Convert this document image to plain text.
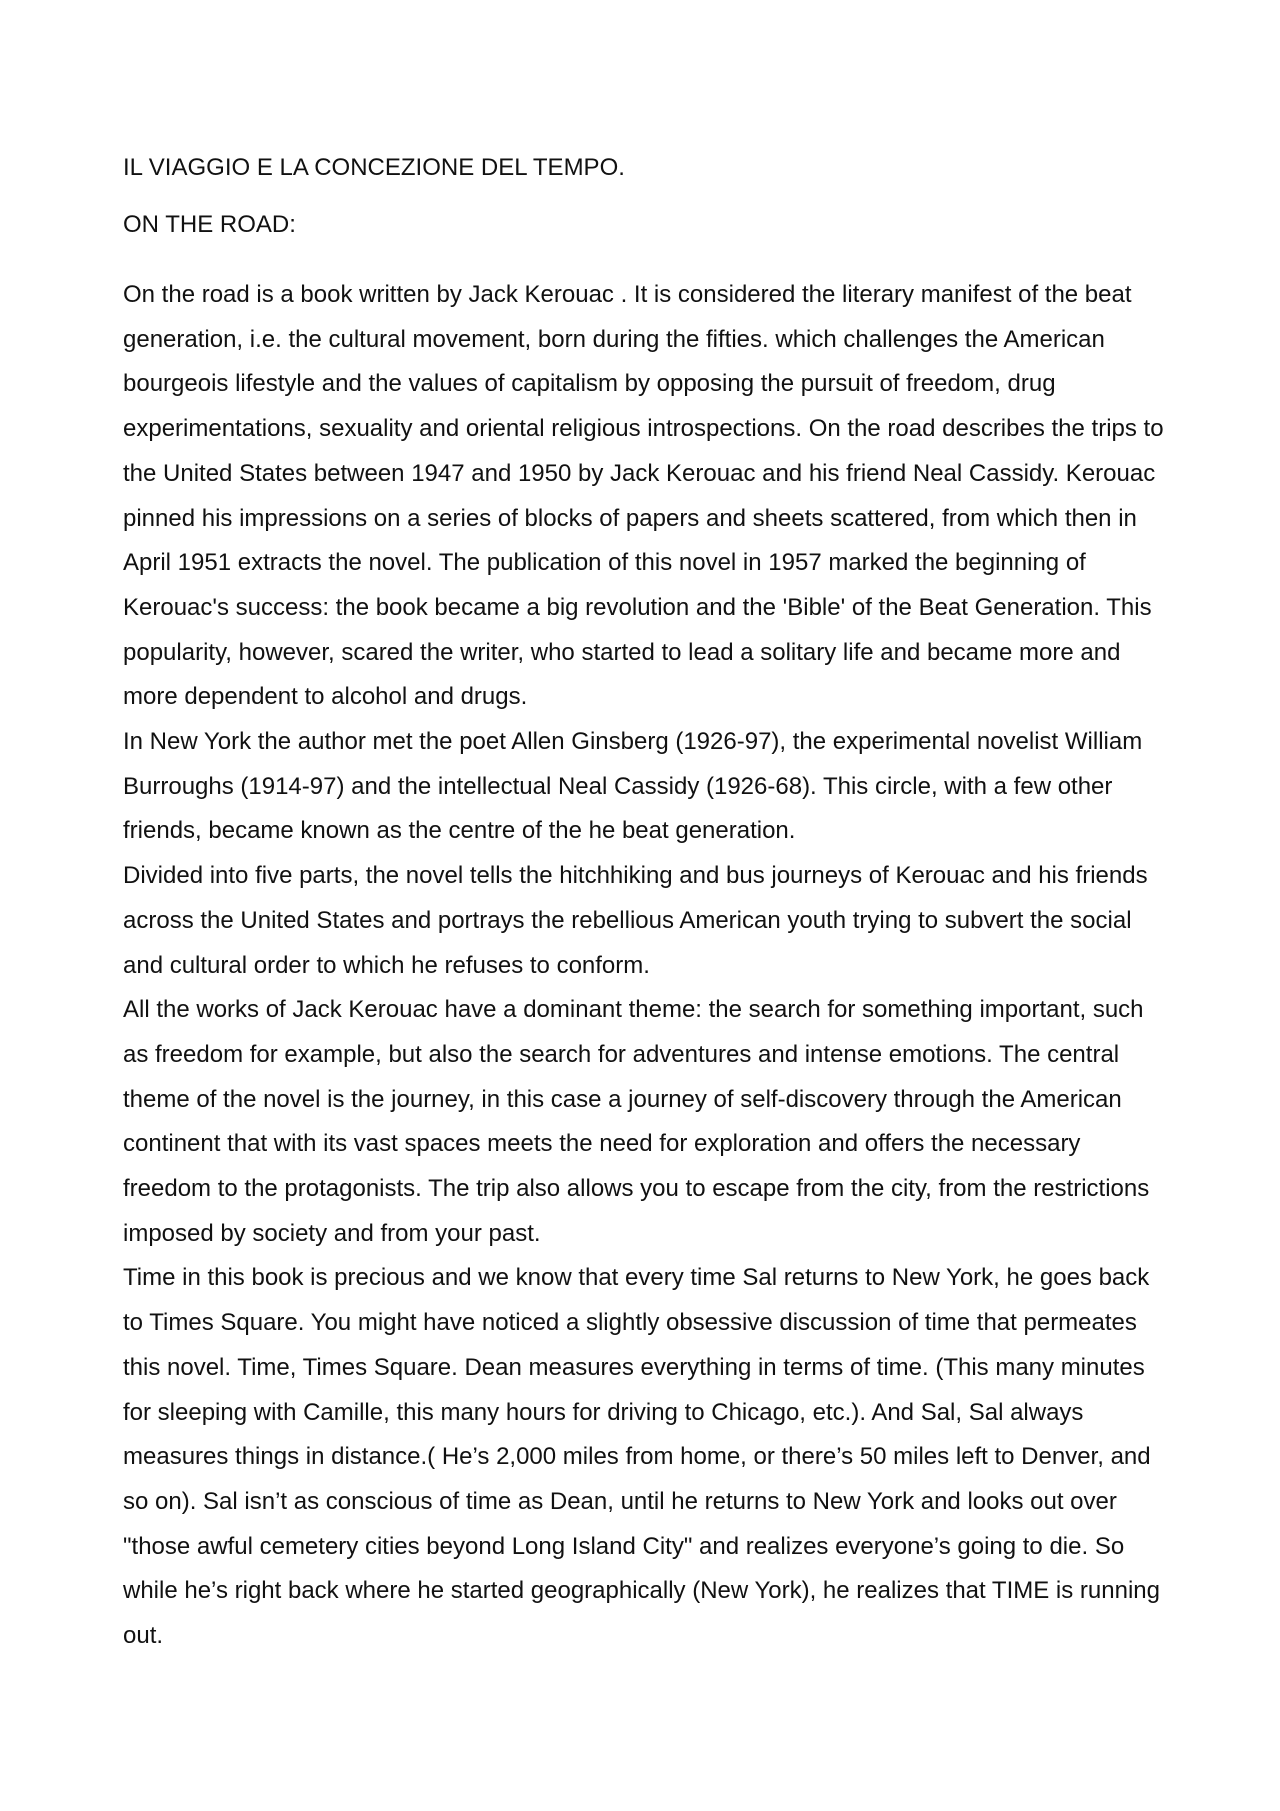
IL VIAGGIO E LA CONCEZIONE DEL TEMPO.
ON THE ROAD:

On the road is a book written by Jack Kerouac . It is considered the literary manifest of the beat generation, i.e. the cultural movement, born during the fifties. which challenges the American bourgeois lifestyle and the values of capitalism by opposing the pursuit of freedom, drug experimentations, sexuality and oriental religious introspections. On the road describes the trips to the United States between 1947 and 1950 by Jack Kerouac and his friend Neal Cassidy. Kerouac pinned his impressions on a series of blocks of papers and sheets scattered, from which then in April 1951 extracts the novel. The publication of this novel in 1957 marked the beginning of Kerouac's success: the book became a big revolution and the 'Bible' of the Beat Generation. This popularity, however, scared the writer, who started to lead a solitary life and became more and more dependent to alcohol and drugs.

In New York the author met the poet Allen Ginsberg (1926-97), the experimental novelist William Burroughs (1914-97) and the intellectual Neal Cassidy (1926-68). This circle, with a few other friends, became known as the centre of the he beat generation.

Divided into five parts, the novel tells the hitchhiking and bus journeys of Kerouac and his friends across the United States and portrays the rebellious American youth trying to subvert the social and cultural order to which he refuses to conform.

All the works of Jack Kerouac have a dominant theme: the search for something important, such as freedom for example, but also the search for adventures and intense emotions. The central theme of the novel is the journey, in this case a journey of self-discovery through the American continent that with its vast spaces meets the need for exploration and offers the necessary freedom to the protagonists. The trip also allows you to escape from the city, from the restrictions imposed by society and from your past.

Time in this book is precious and we know that every time Sal returns to New York, he goes back to Times Square. You might have noticed a slightly obsessive discussion of time that permeates this novel. Time, Times Square. Dean measures everything in terms of time. (This many minutes for sleeping with Camille, this many hours for driving to Chicago, etc.). And Sal, Sal always measures things in distance.( He’s 2,000 miles from home, or there’s 50 miles left to Denver, and so on). Sal isn’t as conscious of time as Dean, until he returns to New York and looks out over "those awful cemetery cities beyond Long Island City" and realizes everyone’s going to die. So while he’s right back where he started geographically (New York), he realizes that TIME is running out.
